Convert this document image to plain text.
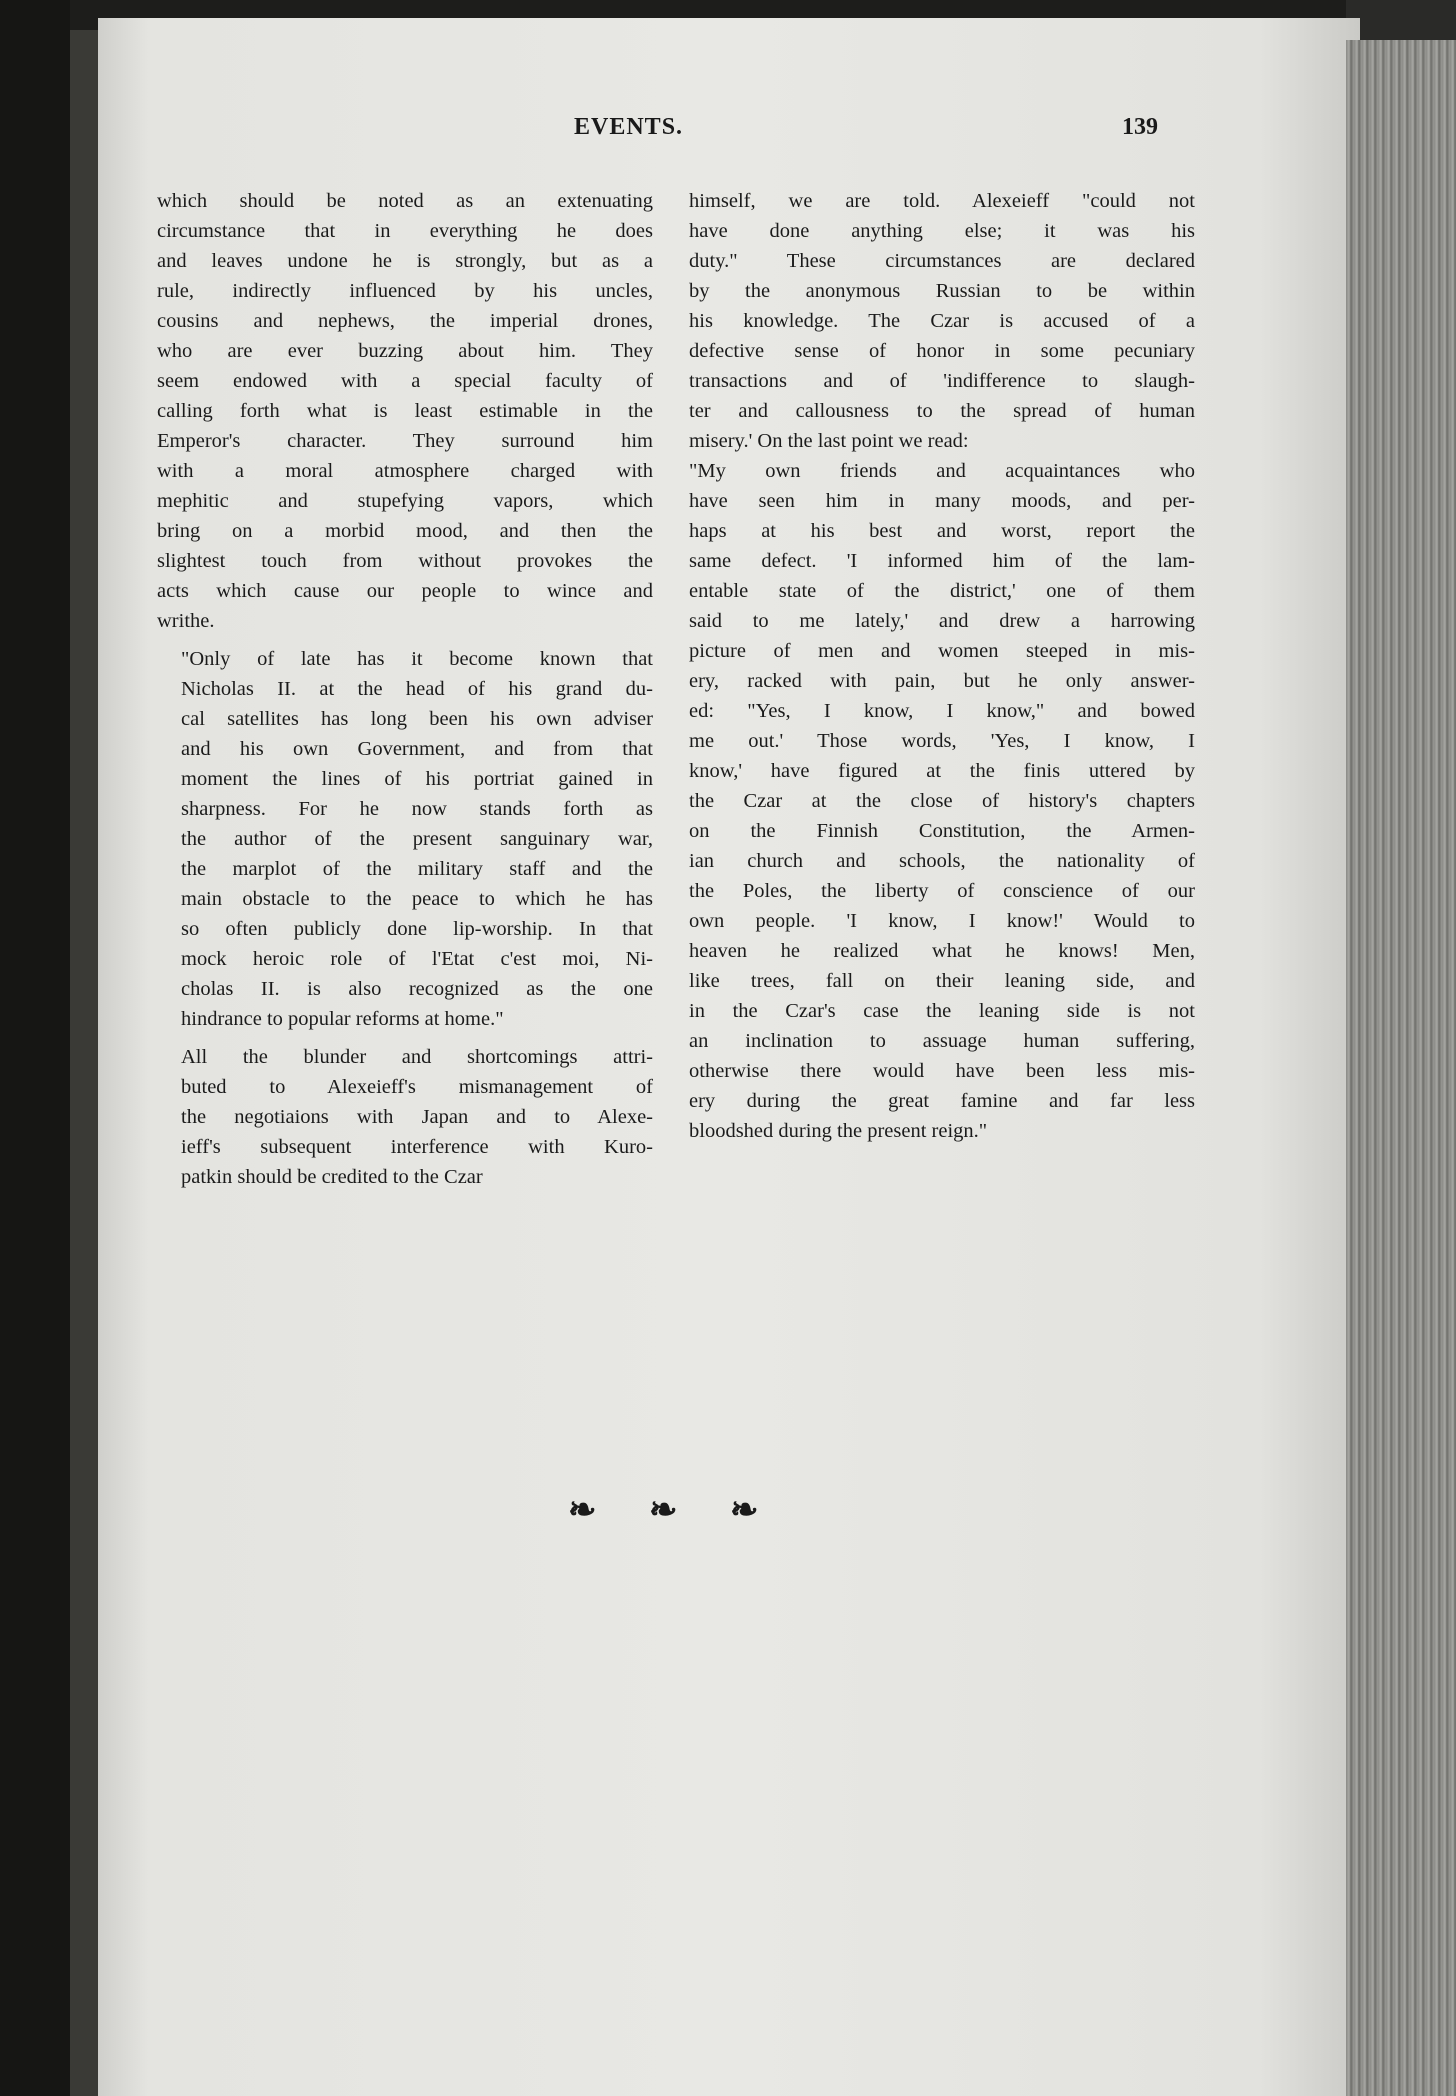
EVENTS.	139

which should be noted as an extenuating
circumstance that in everything he does
and leaves undone he is strongly, but as a
rule, indirectly influenced by his uncles,
cousins and nephews, the imperial drones,
who are ever buzzing about him. They
seem endowed with a special faculty of
calling forth what is least estimable in the
Emperor's character. They surround him
with a moral atmosphere charged with
mephitic and stupefying vapors, which
bring on a morbid mood, and then the
slightest touch from without provokes the
acts which cause our people to wince and
writhe.

"Only of late has it become known that
Nicholas II. at the head of his grand du-
cal satellites has long been his own adviser
and his own Government, and from that
moment the lines of his portriat gained in
sharpness. For he now stands forth as
the author of the present sanguinary war,
the marplot of the military staff and the
main obstacle to the peace to which he has
so often publicly done lip-worship. In that
mock heroic role of l'Etat c'est moi, Ni-
cholas II. is also recognized as the one
hindrance to popular reforms at home."

All the blunder and shortcomings attri-
buted to Alexeieff's mismanagement of
the negotiaions with Japan and to Alexe-
ieff's subsequent interference with Kuro-
patkin should be credited to the Czar

himself, we are told. Alexeieff "could not
have done anything else; it was his
duty." These circumstances are declared
by the anonymous Russian to be within
his knowledge. The Czar is accused of a
defective sense of honor in some pecuniary
transactions and of 'indifference to slaugh-
ter and callousness to the spread of human
misery.' On the last point we read:

"My own friends and acquaintances who
have seen him in many moods, and per-
haps at his best and worst, report the
same defect. 'I informed him of the lam-
entable state of the district,' one of them
said to me lately,' and drew a harrowing
picture of men and women steeped in mis-
ery, racked with pain, but he only answer-
ed: "Yes, I know, I know," and bowed
me out.' Those words, 'Yes, I know, I
know,' have figured at the finis uttered by
the Czar at the close of history's chapters
on the Finnish Constitution, the Armen-
ian church and schools, the nationality of
the Poles, the liberty of conscience of our
own people. 'I know, I know!' Would to
heaven he realized what he knows! Men,
like trees, fall on their leaning side, and
in the Czar's case the leaning side is not
an inclination to assuage human suffering,
otherwise there would have been less mis-
ery during the great famine and far less
bloodshed during the present reign."

❧ ❧ ❧
